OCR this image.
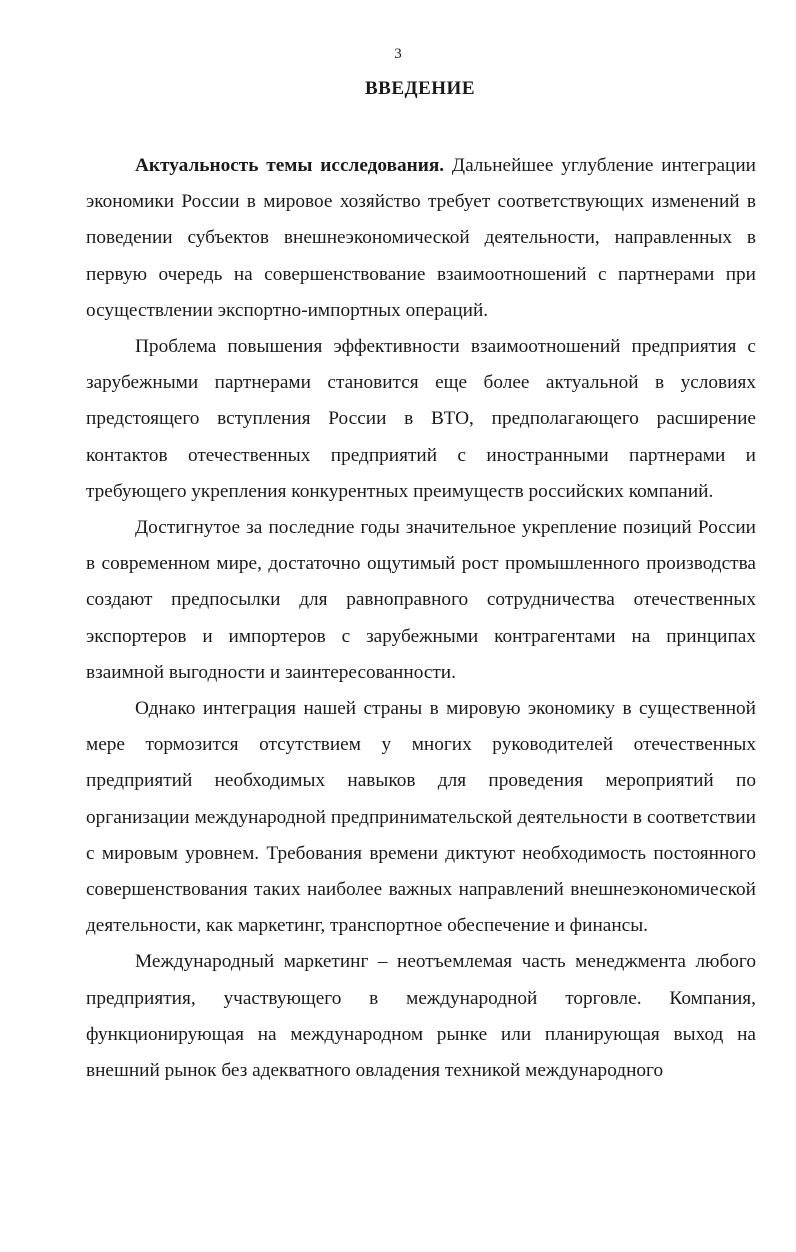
3
ВВЕДЕНИЕ

Актуальность темы исследования. Дальнейшее углубление интеграции экономики России в мировое хозяйство требует соответствующих изменений в поведении субъектов внешнеэкономической деятельности, направленных в первую очередь на совершенствование взаимоотношений с партнерами при осуществлении экспортно-импортных операций.

Проблема повышения эффективности взаимоотношений предприятия с зарубежными партнерами становится еще более актуальной в условиях предстоящего вступления России в ВТО, предполагающего расширение контактов отечественных предприятий с иностранными партнерами и требующего укрепления конкурентных преимуществ российских компаний.

Достигнутое за последние годы значительное укрепление позиций России в современном мире, достаточно ощутимый рост промышленного производства создают предпосылки для равноправного сотрудничества отечественных экспортеров и импортеров с зарубежными контрагентами на принципах взаимной выгодности и заинтересованности.

Однако интеграция нашей страны в мировую экономику в существенной мере тормозится отсутствием у многих руководителей отечественных предприятий необходимых навыков для проведения мероприятий по организации международной предпринимательской деятельности в соответствии с мировым уровнем. Требования времени диктуют необходимость постоянного совершенствования таких наиболее важных направлений внешнеэкономической деятельности, как маркетинг, транспортное обеспечение и финансы.

Международный маркетинг – неотъемлемая часть менеджмента любого предприятия, участвующего в международной торговле. Компания, функционирующая на международном рынке или планирующая выход на внешний рынок без адекватного овладения техникой международного
